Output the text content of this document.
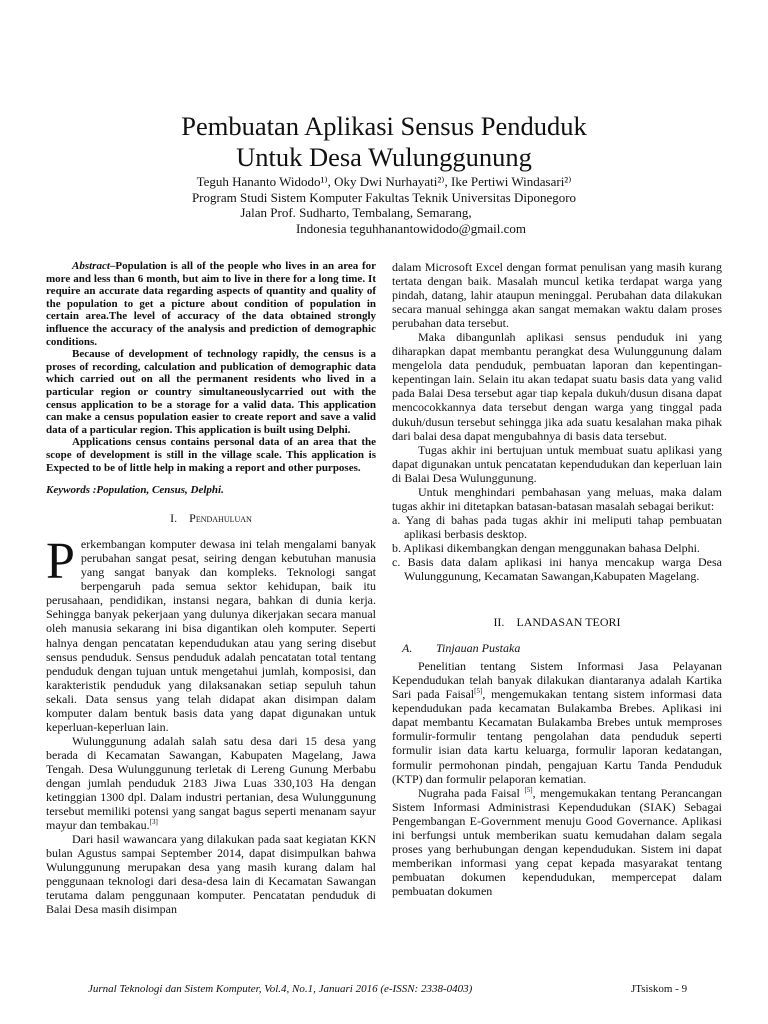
Pembuatan Aplikasi Sensus Penduduk
Untuk Desa Wulunggunung
Teguh Hananto Widodo¹⁾, Oky Dwi Nurhayati²⁾, Ike Pertiwi Windasari²⁾
Program Studi Sistem Komputer Fakultas Teknik Universitas Diponegoro
Jalan Prof. Sudharto, Tembalang, Semarang,
Indonesia teguhhanantowidodo@gmail.com

Abstract–Population is all of the people who lives in an area for more and less than 6 month, but aim to live in there for a long time. It require an accurate data regarding aspects of quantity and quality of the population to get a picture about condition of population in certain area.The level of accuracy of the data obtained strongly influence the accuracy of the analysis and prediction of demographic conditions.

Because of development of technology rapidly, the census is a proses of recording, calculation and publication of demographic data which carried out on all the permanent residents who lived in a particular region or country simultaneouslycarried out with the census application to be a storage for a valid data. This application can make a census population easier to create report and save a valid data of a particular region. This application is built using Delphi.

Applications census contains personal data of an area that the scope of development is still in the village scale. This application is Expected to be of little help in making a report and other purposes.

Keywords :Population, Census, Delphi.

I. Pendahuluan

Perkembangan komputer dewasa ini telah mengalami banyak perubahan sangat pesat, seiring dengan kebutuhan manusia yang sangat banyak dan kompleks. Teknologi sangat berpengaruh pada semua sektor kehidupan, baik itu perusahaan, pendidikan, instansi negara, bahkan di dunia kerja. Sehingga banyak pekerjaan yang dulunya dikerjakan secara manual oleh manusia sekarang ini bisa digantikan oleh komputer. Seperti halnya dengan pencatatan kependudukan atau yang sering disebut sensus penduduk. Sensus penduduk adalah pencatatan total tentang penduduk dengan tujuan untuk mengetahui jumlah, komposisi, dan karakteristik penduduk yang dilaksanakan setiap sepuluh tahun sekali. Data sensus yang telah didapat akan disimpan dalam komputer dalam bentuk basis data yang dapat digunakan untuk keperluan-keperluan lain.

Wulunggunung adalah salah satu desa dari 15 desa yang berada di Kecamatan Sawangan, Kabupaten Magelang, Jawa Tengah. Desa Wulunggunung terletak di Lereng Gunung Merbabu dengan jumlah penduduk 2183 Jiwa Luas 330,103 Ha dengan ketinggian 1300 dpl. Dalam industri pertanian, desa Wulunggunung tersebut memiliki potensi yang sangat bagus seperti menanam sayur mayur dan tembakau.[3]

Dari hasil wawancara yang dilakukan pada saat kegiatan KKN bulan Agustus sampai September 2014, dapat disimpulkan bahwa Wulunggunung merupakan desa yang masih kurang dalam hal penggunaan teknologi dari desa-desa lain di Kecamatan Sawangan terutama dalam penggunaan komputer. Pencatatan penduduk di Balai Desa masih disimpan

dalam Microsoft Excel dengan format penulisan yang masih kurang tertata dengan baik. Masalah muncul ketika terdapat warga yang pindah, datang, lahir ataupun meninggal. Perubahan data dilakukan secara manual sehingga akan sangat memakan waktu dalam proses perubahan data tersebut.

Maka dibangunlah aplikasi sensus penduduk ini yang diharapkan dapat membantu perangkat desa Wulunggunung dalam mengelola data penduduk, pembuatan laporan dan kepentingan-kepentingan lain. Selain itu akan tedapat suatu basis data yang valid pada Balai Desa tersebut agar tiap kepala dukuh/dusun disana dapat mencocokkannya data tersebut dengan warga yang tinggal pada dukuh/dusun tersebut sehingga jika ada suatu kesalahan maka pihak dari balai desa dapat mengubahnya di basis data tersebut.

Tugas akhir ini bertujuan untuk membuat suatu aplikasi yang dapat digunakan untuk pencatatan kependudukan dan keperluan lain di Balai Desa Wulunggunung.

Untuk menghindari pembahasan yang meluas, maka dalam tugas akhir ini ditetapkan batasan-batasan masalah sebagai berikut:

a. Yang di bahas pada tugas akhir ini meliputi tahap pembuatan aplikasi berbasis desktop.
b. Aplikasi dikembangkan dengan menggunakan bahasa Delphi.
c. Basis data dalam aplikasi ini hanya mencakup warga Desa Wulunggunung, Kecamatan Sawangan,Kabupaten Magelang.
II. LANDASAN TEORI
A. Tinjauan Pustaka

Penelitian tentang Sistem Informasi Jasa Pelayanan Kependudukan telah banyak dilakukan diantaranya adalah Kartika Sari pada Faisal[5], mengemukakan tentang sistem informasi data kependudukan pada kecamatan Bulakamba Brebes. Aplikasi ini dapat membantu Kecamatan Bulakamba Brebes untuk memproses formulir-formulir tentang pengolahan data penduduk seperti formulir isian data kartu keluarga, formulir laporan kedatangan, formulir permohonan pindah, pengajuan Kartu Tanda Penduduk (KTP) dan formulir pelaporan kematian.

Nugraha pada Faisal [5], mengemukakan tentang Perancangan Sistem Informasi Administrasi Kependudukan (SIAK) Sebagai Pengembangan E-Government menuju Good Governance. Aplikasi ini berfungsi untuk memberikan suatu kemudahan dalam segala proses yang berhubungan dengan kependudukan. Sistem ini dapat memberikan informasi yang cepat kepada masyarakat tentang pembuatan dokumen kependudukan, mempercepat dalam pembuatan dokumen

Jurnal Teknologi dan Sistem Komputer, Vol.4, No.1, Januari 2016 (e-ISSN: 2338-0403)	JTsiskom - 9
